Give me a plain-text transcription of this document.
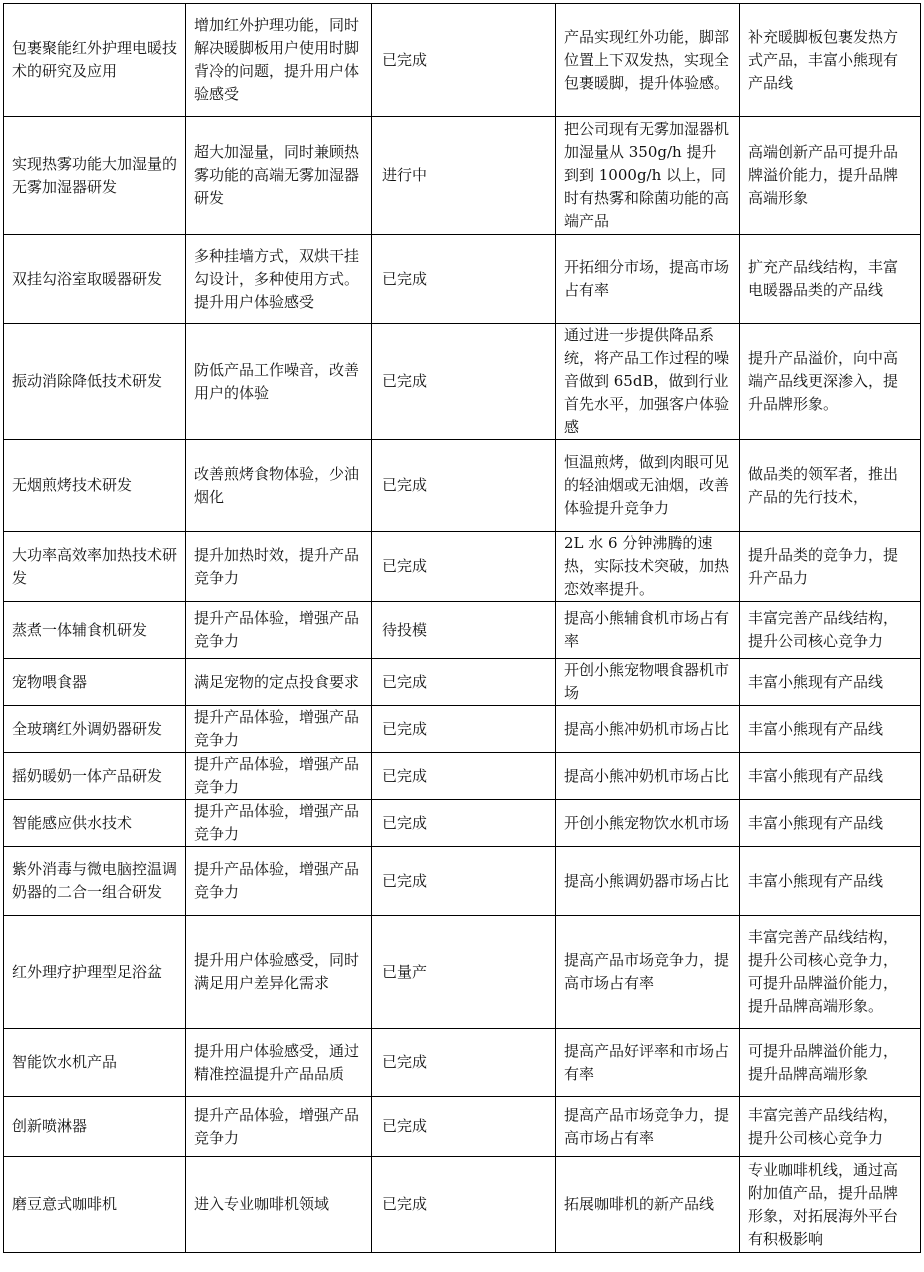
包裹聚能红外护理电暖技术的研究及应用	增加红外护理功能，同时解决暖脚板用户使用时脚背冷的问题，提升用户体验感受	已完成	产品实现红外功能，脚部位置上下双发热，实现全包裹暖脚，提升体验感。	补充暖脚板包裹发热方式产品，丰富小熊现有产品线
实现热雾功能大加湿量的无雾加湿器研发	超大加湿量，同时兼顾热雾功能的高端无雾加湿器研发	进行中	把公司现有无雾加湿器机加湿量从 350g/h 提升到到 1000g/h 以上，同时有热雾和除菌功能的高端产品	高端创新产品可提升品牌溢价能力，提升品牌高端形象
双挂勾浴室取暖器研发	多种挂墙方式，双烘干挂勾设计，多种使用方式。提升用户体验感受	已完成	开拓细分市场，提高市场占有率	扩充产品线结构，丰富电暖器品类的产品线
振动消除降低技术研发	防低产品工作噪音，改善用户的体验	已完成	通过进一步提供降品系统，将产品工作过程的噪音做到 65dB，做到行业首先水平，加强客户体验感	提升产品溢价，向中高端产品线更深渗入，提升品牌形象。
无烟煎烤技术研发	改善煎烤食物体验，少油烟化	已完成	恒温煎烤，做到肉眼可见的轻油烟或无油烟，改善体验提升竞争力	做品类的领军者，推出产品的先行技术，
大功率高效率加热技术研发	提升加热时效，提升产品竞争力	已完成	2L 水 6 分钟沸腾的速热，实际技术突破，加热恋效率提升。	提升品类的竞争力，提升产品力
蒸煮一体辅食机研发	提升产品体验，增强产品竞争力	待投模	提高小熊辅食机市场占有率	丰富完善产品线结构，提升公司核心竞争力
宠物喂食器	满足宠物的定点投食要求	已完成	开创小熊宠物喂食器机市场	丰富小熊现有产品线
全玻璃红外调奶器研发	提升产品体验，增强产品竞争力	已完成	提高小熊冲奶机市场占比	丰富小熊现有产品线
摇奶暖奶一体产品研发	提升产品体验，增强产品竞争力	已完成	提高小熊冲奶机市场占比	丰富小熊现有产品线
智能感应供水技术	提升产品体验，增强产品竞争力	已完成	开创小熊宠物饮水机市场	丰富小熊现有产品线
紫外消毒与微电脑控温调奶器的二合一组合研发	提升产品体验，增强产品竞争力	已完成	提高小熊调奶器市场占比	丰富小熊现有产品线
红外理疗护理型足浴盆	提升用户体验感受，同时满足用户差异化需求	已量产	提高产品市场竞争力，提高市场占有率	丰富完善产品线结构，提升公司核心竞争力，可提升品牌溢价能力，提升品牌高端形象。
智能饮水机产品	提升用户体验感受，通过精准控温提升产品品质	已完成	提高产品好评率和市场占有率	可提升品牌溢价能力，提升品牌高端形象
创新喷淋器	提升产品体验，增强产品竞争力	已完成	提高产品市场竞争力，提高市场占有率	丰富完善产品线结构，提升公司核心竞争力
磨豆意式咖啡机	进入专业咖啡机领域	已完成	拓展咖啡机的新产品线	专业咖啡机线，通过高附加值产品，提升品牌形象，对拓展海外平台有积极影响
